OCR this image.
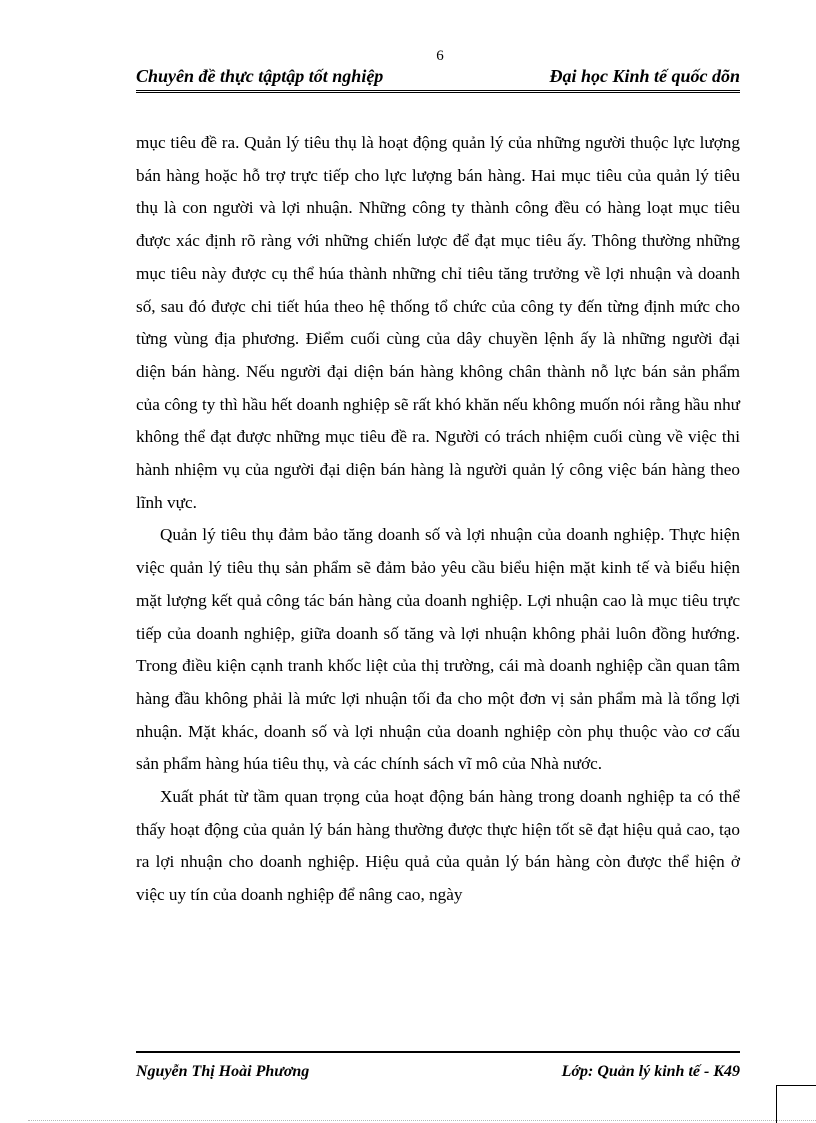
6
Chuyên đề thực tậptập tốt nghiệp	Đại học Kinh tế quốc dõn

mục tiêu đề ra. Quản lý tiêu thụ là hoạt động quản lý của những người thuộc lực lượng bán hàng hoặc hỗ trợ trực tiếp cho lực lượng bán hàng. Hai mục tiêu của quản lý tiêu thụ là con người và lợi nhuận. Những công ty thành công đều có hàng loạt mục tiêu được xác định rõ ràng với những chiến lược để đạt mục tiêu ấy. Thông thường những mục tiêu này được cụ thể húa thành những chỉ tiêu tăng trưởng về lợi nhuận và doanh số, sau đó được chi tiết húa theo hệ thống tổ chức của công ty đến từng định mức cho từng vùng địa phương. Điểm cuối cùng của dây chuyền lệnh ấy là những người đại diện bán hàng. Nếu người đại diện bán hàng không chân thành nỗ lực bán sản phẩm của công ty thì hầu hết doanh nghiệp sẽ rất khó khăn nếu không muốn nói rằng hầu như không thể đạt được những mục tiêu đề ra. Người có trách nhiệm cuối cùng về việc thi hành nhiệm vụ của người đại diện bán hàng là người quản lý công việc bán hàng theo lĩnh vực.

Quản lý tiêu thụ đảm bảo tăng doanh số và lợi nhuận của doanh nghiệp. Thực hiện việc quản lý tiêu thụ sản phẩm sẽ đảm bảo yêu cầu biểu hiện mặt kinh tế và biểu hiện mặt lượng kết quả công tác bán hàng của doanh nghiệp. Lợi nhuận cao là mục tiêu trực tiếp của doanh nghiệp, giữa doanh số tăng và lợi nhuận không phải luôn đồng hướng. Trong điều kiện cạnh tranh khốc liệt của thị trường, cái mà doanh nghiệp cần quan tâm hàng đầu không phải là mức lợi nhuận tối đa cho một đơn vị sản phẩm mà là tổng lợi nhuận. Mặt khác, doanh số và lợi nhuận của doanh nghiệp còn phụ thuộc vào cơ cấu sản phẩm hàng húa tiêu thụ, và các chính sách vĩ mô của Nhà nước.

Xuất phát từ tầm quan trọng của hoạt động bán hàng trong doanh nghiệp ta có thể thấy hoạt động của quản lý bán hàng thường được thực hiện tốt sẽ đạt hiệu quả cao, tạo ra lợi nhuận cho doanh nghiệp. Hiệu quả của quản lý bán hàng còn được thể hiện ở việc uy tín của doanh nghiệp để nâng cao, ngày

Nguyễn Thị Hoài Phương	Lớp: Quản lý kinh tế - K49
